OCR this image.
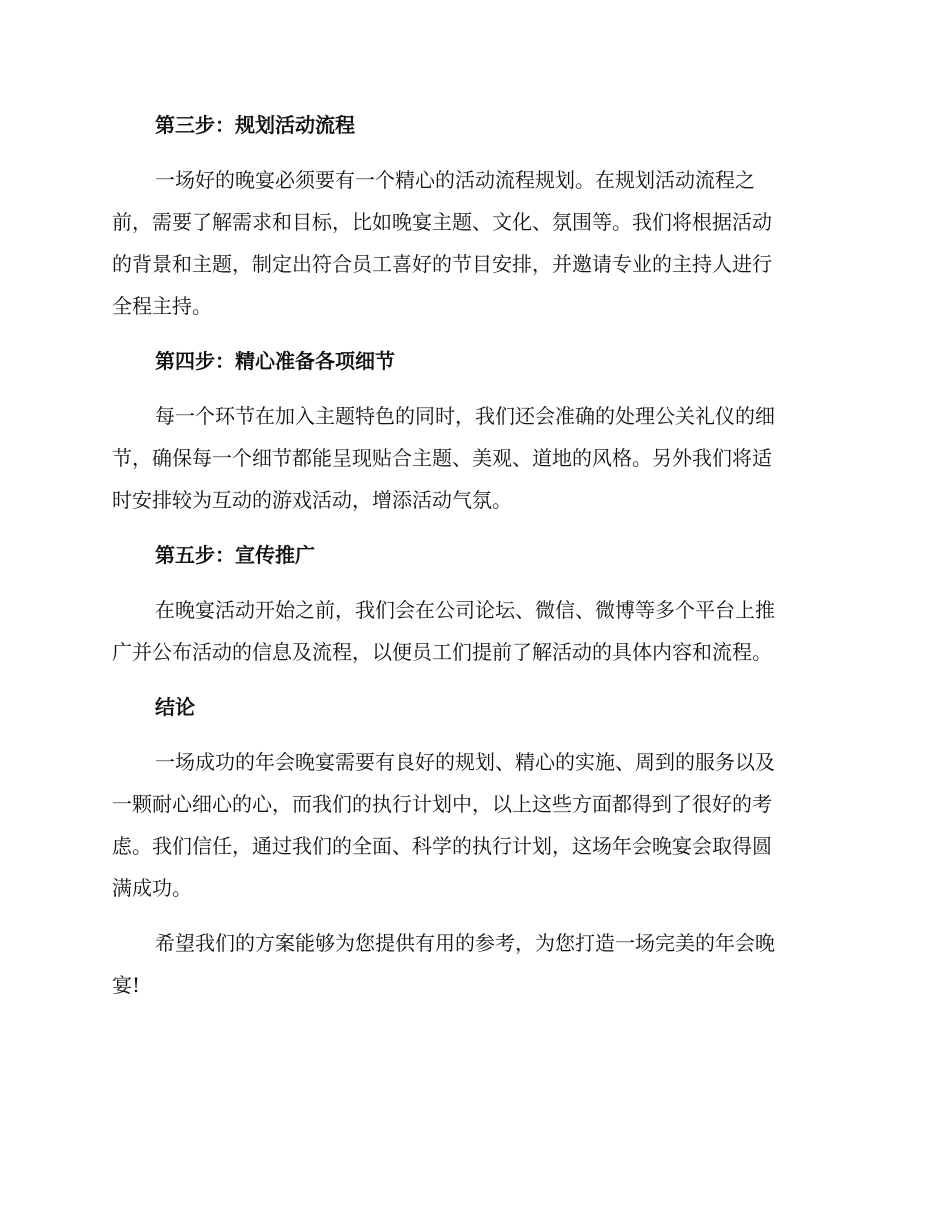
第三步：规划活动流程

一场好的晚宴必须要有一个精心的活动流程规划。在规划活动流程之
前，需要了解需求和目标，比如晚宴主题、文化、氛围等。我们将根据活动
的背景和主题，制定出符合员工喜好的节目安排，并邀请专业的主持人进行
全程主持。

第四步：精心准备各项细节

每一个环节在加入主题特色的同时，我们还会准确的处理公关礼仪的细
节，确保每一个细节都能呈现贴合主题、美观、道地的风格。另外我们将适
时安排较为互动的游戏活动，增添活动气氛。

第五步：宣传推广

在晚宴活动开始之前，我们会在公司论坛、微信、微博等多个平台上推
广并公布活动的信息及流程，以便员工们提前了解活动的具体内容和流程。

结论

一场成功的年会晚宴需要有良好的规划、精心的实施、周到的服务以及
一颗耐心细心的心，而我们的执行计划中，以上这些方面都得到了很好的考
虑。我们信任，通过我们的全面、科学的执行计划，这场年会晚宴会取得圆
满成功。

希望我们的方案能够为您提供有用的参考，为您打造一场完美的年会晚
宴!
